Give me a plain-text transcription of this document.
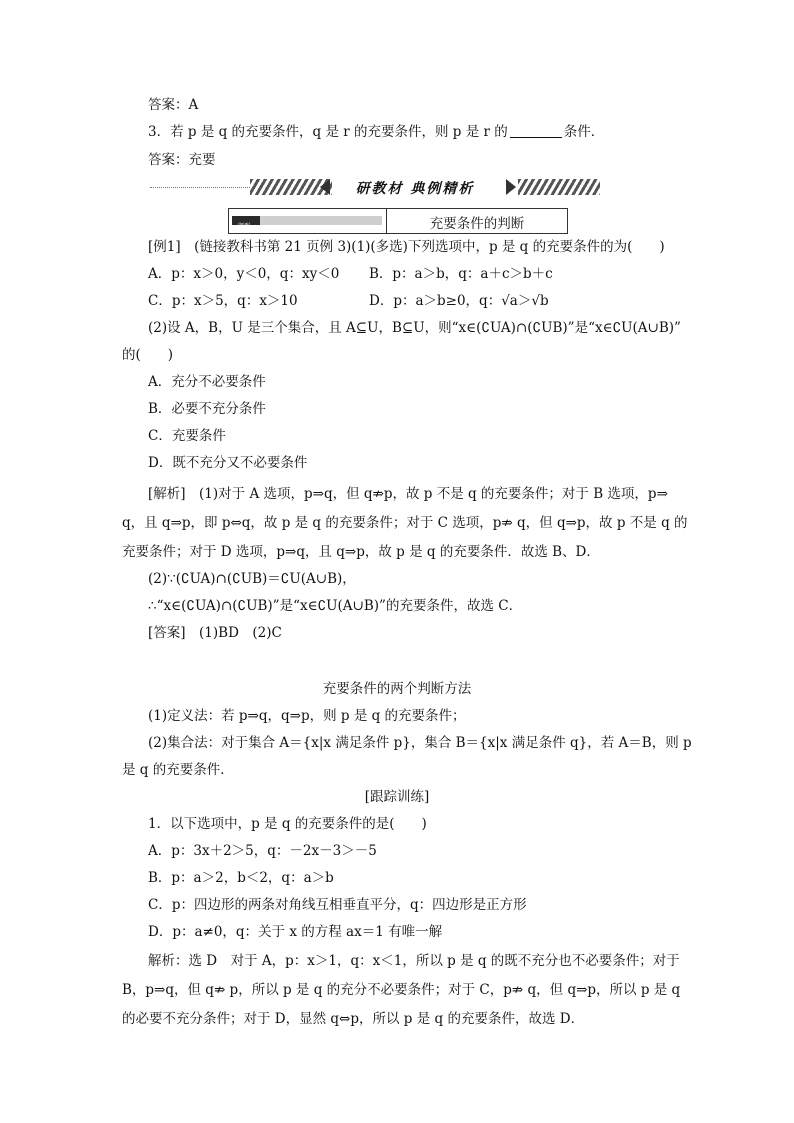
答案：A
3．若 p 是 q 的充要条件，q 是 r 的充要条件，则 p 是 r 的	条件．
答案：充要
研教材 典例精析
题型一	充要条件的判断
[例1]　(链接教科书第 21 页例 3)(1)(多选)下列选项中，p 是 q 的充要条件的为(　　)
A．p：x＞0，y＜0，q：xy＜0 B．p：a＞b，q：a＋c＞b＋c
C．p：x＞5，q：x＞10	D．p：a＞b≥0，q：√a＞√b
(2)设 A，B，U 是三个集合，且 A⊆U，B⊆U，则“x∈(∁UA)∩(∁UB)”是“x∈∁U(A∪B)”
的(　　)
A．充分不必要条件
B．必要不充分条件
C．充要条件
D．既不充分又不必要条件
[解析]　(1)对于 A 选项，p⇒q，但 q⇏p，故 p 不是 q 的充要条件；对于 B 选项，p⇒
q，且 q⇒p，即 p⇔q，故 p 是 q 的充要条件；对于 C 选项，p⇏ q，但 q⇒p，故 p 不是 q 的
充要条件；对于 D 选项，p⇒q，且 q⇒p，故 p 是 q 的充要条件．故选 B、D．
(2)∵(∁UA)∩(∁UB)＝∁U(A∪B)，
∴“x∈(∁UA)∩(∁UB)”是“x∈∁U(A∪B)”的充要条件，故选 C．
[答案]　(1)BD　(2)C
充要条件的两个判断方法
(1)定义法：若 p⇒q，q⇒p，则 p 是 q 的充要条件；
(2)集合法：对于集合 A＝{x|x 满足条件 p}，集合 B＝{x|x 满足条件 q}，若 A＝B，则 p
是 q 的充要条件．
[跟踪训练]
1．以下选项中，p 是 q 的充要条件的是(　　)
A．p：3x＋2＞5，q：－2x－3＞－5
B．p：a＞2，b＜2，q：a＞b
C．p：四边形的两条对角线互相垂直平分，q：四边形是正方形
D．p：a≠0，q：关于 x 的方程 ax＝1 有唯一解
解析：选 D　对于 A，p：x＞1，q：x＜1，所以 p 是 q 的既不充分也不必要条件；对于
B，p⇒q，但 q⇏ p，所以 p 是 q 的充分不必要条件；对于 C，p⇏ q，但 q⇒p，所以 p 是 q
的必要不充分条件；对于 D，显然 q⇔p，所以 p 是 q 的充要条件，故选 D．
